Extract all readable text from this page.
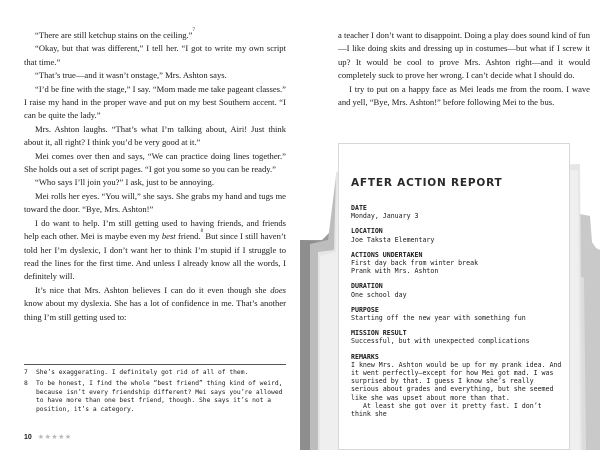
“There are still ketchup stains on the ceiling.”$^7$

“Okay, but that was different,” I tell her. “I got to write my own script that time.”

“That’s true—and it wasn’t onstage,” Mrs. Ashton says.

“I’d be fine with the stage,” I say. “Mom made me take pageant classes.” I raise my hand in the proper wave and put on my best Southern accent. “I can be quite the lady.”

Mrs. Ashton laughs. “That’s what I’m talking about, Airi! Just think about it, all right? I think you’d be very good at it.”

Mei comes over then and says, “We can practice doing lines together.” She holds out a set of script pages. “I got you some so you can be ready.”

“Who says I’ll join you?” I ask, just to be annoying.

Mei rolls her eyes. “You will,” she says. She grabs my hand and tugs me toward the door. “Bye, Mrs. Ashton!”

I do want to help. I’m still getting used to having friends, and friends help each other. Mei is maybe even my best friend.$^8$ But since I still haven’t told her I’m dyslexic, I don’t want her to think I’m stupid if I struggle to read the lines for the first time. And unless I already know all the words, I definitely will.

It’s nice that Mrs. Ashton believes I can do it even though she does know about my dyslexia. She has a lot of confidence in me. That’s another thing I’m still getting used to:

7	She’s exaggerating. I definitely got rid of all of them.
8	To be honest, I find the whole “best friend” thing kind of weird, because isn’t every friendship different? Mei says you’re allowed to have more than one best friend, though. She says it’s not a position, it’s a category.
10 ★★★★★

a teacher I don’t want to disappoint. Doing a play does sound kind of fun—I like doing skits and dressing up in costumes—but what if I screw it up? It would be cool to prove Mrs. Ashton right—and it would completely suck to prove her wrong. I can’t decide what I should do.

I try to put on a happy face as Mei leads me from the room. I wave and yell, “Bye, Mrs. Ashton!” before following Mei to the bus.

AFTER ACTION REPORT
DATE
Monday, January 3
LOCATION
Joe Taksta Elementary
ACTIONS UNDERTAKEN
First day back from winter break
Prank with Mrs. Ashton
DURATION
One school day
PURPOSE
Starting off the new year with something fun
MISSION RESULT
Successful, but with unexpected complications
REMARKS

I knew Mrs. Ashton would be up for my prank idea. And it went perfectly—except for how Mei got mad. I was surprised by that. I guess I know she’s really serious about grades and everything, but she seemed like she was upset about more than that.

At least she got over it pretty fast. I don’t think she
